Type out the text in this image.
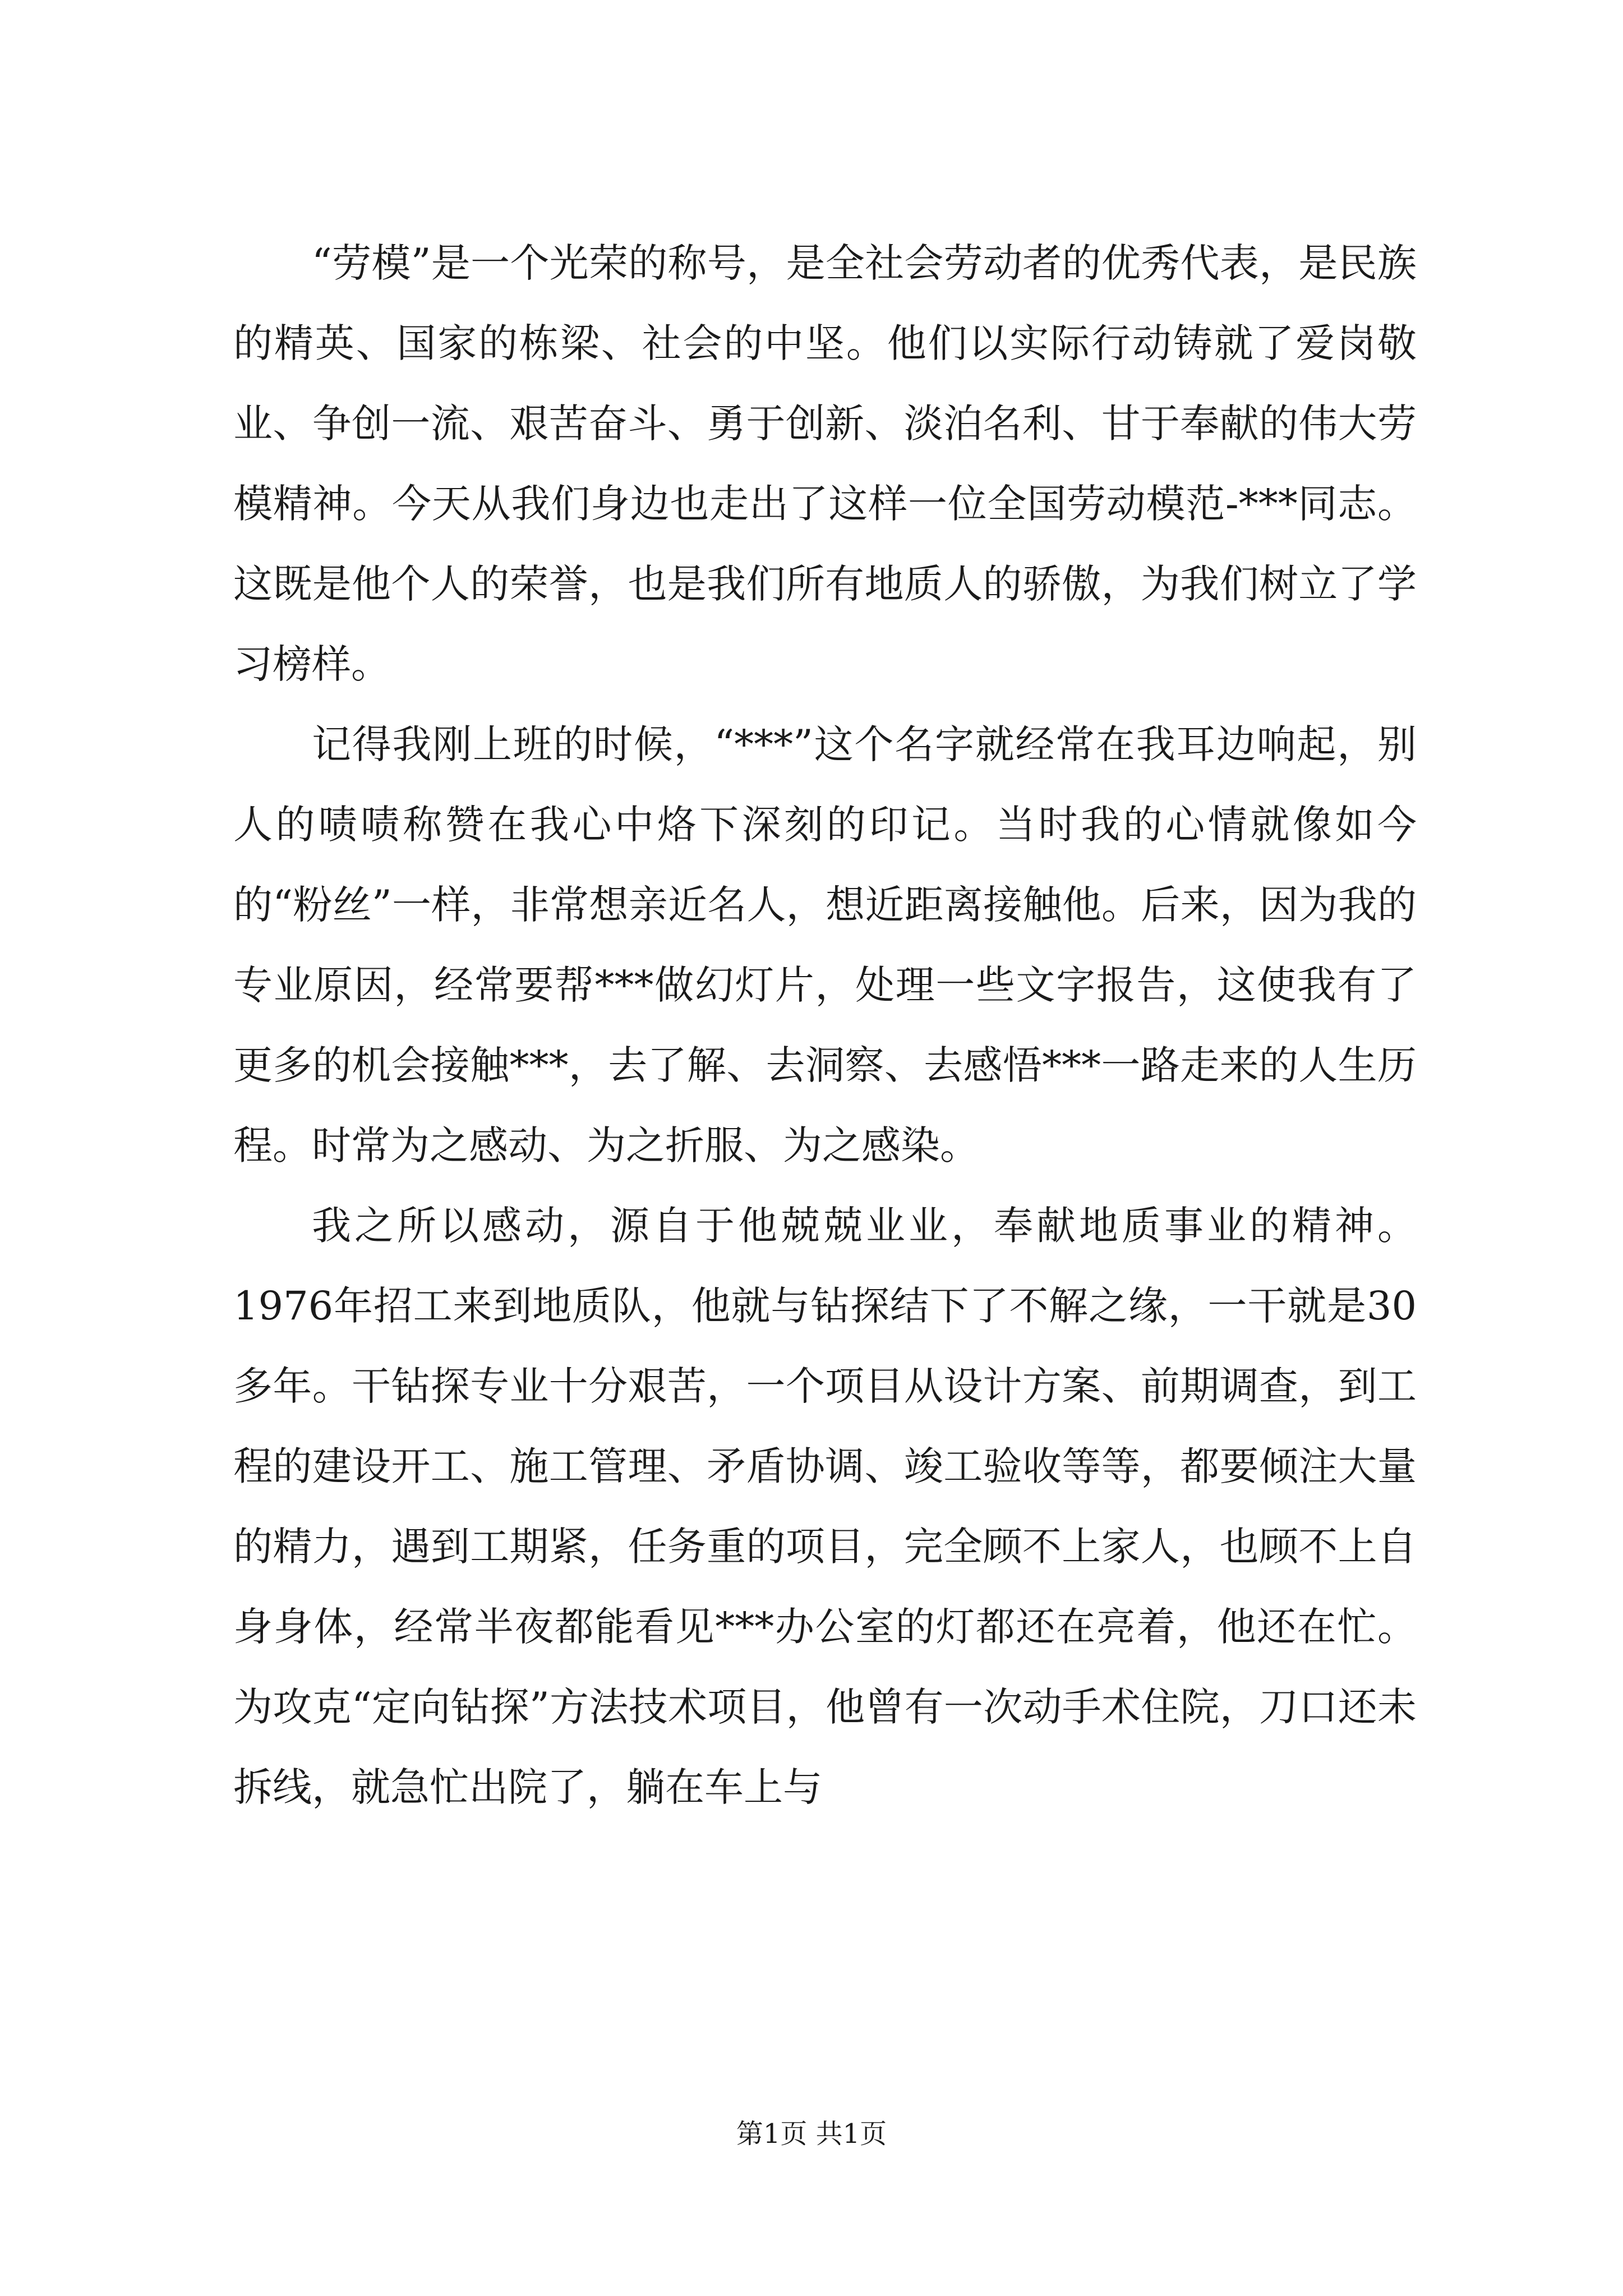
“劳模”是一个光荣的称号，是全社会劳动者的优秀代表，是民族的精英、国家的栋梁、社会的中坚。他们以实际行动铸就了爱岗敬业、争创一流、艰苦奋斗、勇于创新、淡泊名利、甘于奉献的伟大劳模精神。今天从我们身边也走出了这样一位全国劳动模范-***同志。这既是他个人的荣誉，也是我们所有地质人的骄傲，为我们树立了学习榜样。

记得我刚上班的时候，“***”这个名字就经常在我耳边响起，别人的啧啧称赞在我心中烙下深刻的印记。当时我的心情就像如今的“粉丝”一样，非常想亲近名人，想近距离接触他。后来，因为我的专业原因，经常要帮***做幻灯片，处理一些文字报告，这使我有了更多的机会接触***，去了解、去洞察、去感悟***一路走来的人生历程。时常为之感动、为之折服、为之感染。

我之所以感动，源自于他兢兢业业，奉献地质事业的精神。1976年招工来到地质队，他就与钻探结下了不解之缘，一干就是30多年。干钻探专业十分艰苦，一个项目从设计方案、前期调查，到工程的建设开工、施工管理、矛盾协调、竣工验收等等，都要倾注大量的精力，遇到工期紧，任务重的项目，完全顾不上家人，也顾不上自身身体，经常半夜都能看见***办公室的灯都还在亮着，他还在忙。为攻克“定向钻探”方法技术项目，他曾有一次动手术住院，刀口还未拆线，就急忙出院了，躺在车上与

第1页 共1页
